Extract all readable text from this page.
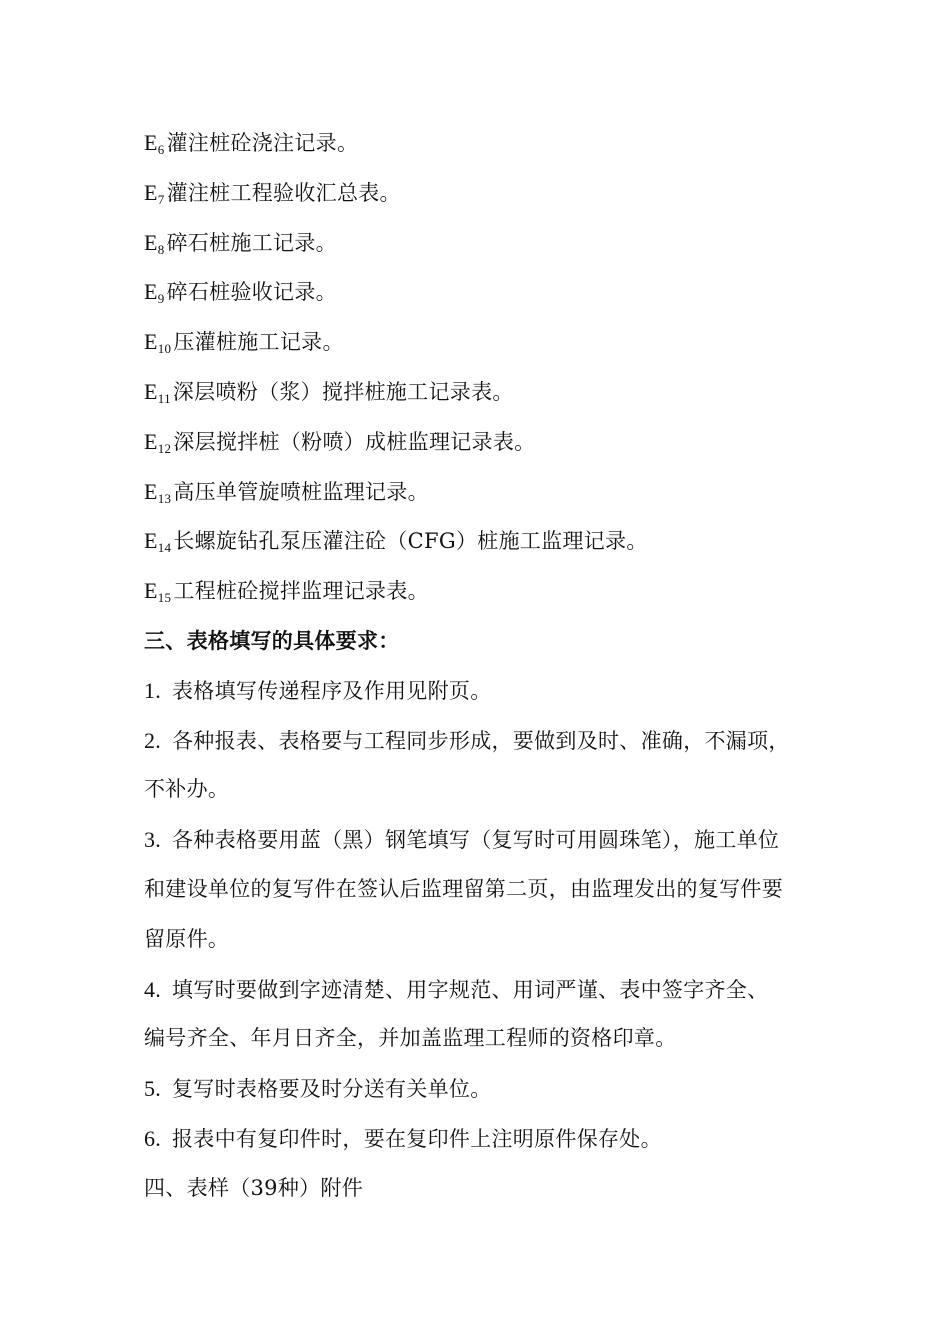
$E_6$灌注桩砼浇注记录。
$E_7$灌注桩工程验收汇总表。
$E_8$碎石桩施工记录。
$E_9$碎石桩验收记录。
$E_{10}$压灌桩施工记录。
$E_{11}$深层喷粉（浆）搅拌桩施工记录表。
$E_{12}$深层搅拌桩（粉喷）成桩监理记录表。
$E_{13}$高压单管旋喷桩监理记录。
$E_{14}$长螺旋钻孔泵压灌注砼（CFG）桩施工监理记录。
$E_{15}$工程桩砼搅拌监理记录表。
三、表格填写的具体要求：
1. 表格填写传递程序及作用见附页。
2. 各种报表、表格要与工程同步形成，要做到及时、准确，不漏项，
不补办。
3. 各种表格要用蓝（黑）钢笔填写（复写时可用圆珠笔），施工单位
和建设单位的复写件在签认后监理留第二页，由监理发出的复写件要
留原件。
4. 填写时要做到字迹清楚、用字规范、用词严谨、表中签字齐全、
编号齐全、年月日齐全，并加盖监理工程师的资格印章。
5. 复写时表格要及时分送有关单位。
6. 报表中有复印件时，要在复印件上注明原件保存处。
四、表样（39种）附件
